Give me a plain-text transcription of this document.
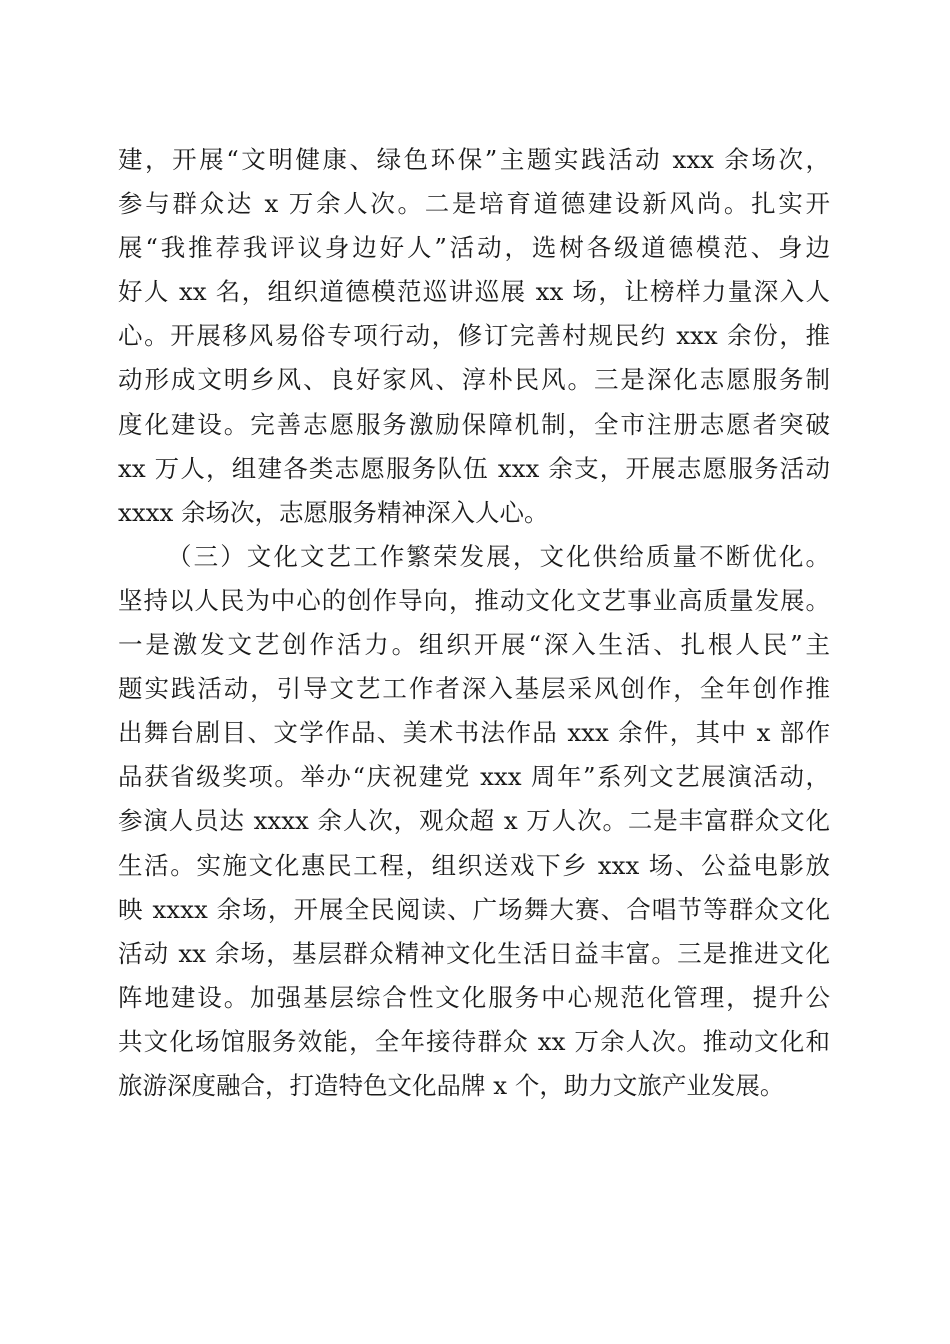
建，开展“文明健康、绿色环保”主题实践活动 xxx 余场次，
参与群众达 x 万余人次。二是培育道德建设新风尚。扎实开
展“我推荐我评议身边好人”活动，选树各级道德模范、身边
好人 xx 名，组织道德模范巡讲巡展 xx 场，让榜样力量深入人
心。开展移风易俗专项行动，修订完善村规民约 xxx 余份，推
动形成文明乡风、良好家风、淳朴民风。三是深化志愿服务制
度化建设。完善志愿服务激励保障机制，全市注册志愿者突破
xx 万人，组建各类志愿服务队伍 xxx 余支，开展志愿服务活动
xxxx 余场次，志愿服务精神深入人心。
（三）文化文艺工作繁荣发展，文化供给质量不断优化。
坚持以人民为中心的创作导向，推动文化文艺事业高质量发展。
一是激发文艺创作活力。组织开展“深入生活、扎根人民”主
题实践活动，引导文艺工作者深入基层采风创作，全年创作推
出舞台剧目、文学作品、美术书法作品 xxx 余件，其中 x 部作
品获省级奖项。举办“庆祝建党 xxx 周年”系列文艺展演活动，
参演人员达 xxxx 余人次，观众超 x 万人次。二是丰富群众文化
生活。实施文化惠民工程，组织送戏下乡 xxx 场、公益电影放
映 xxxx 余场，开展全民阅读、广场舞大赛、合唱节等群众文化
活动 xx 余场，基层群众精神文化生活日益丰富。三是推进文化
阵地建设。加强基层综合性文化服务中心规范化管理，提升公
共文化场馆服务效能，全年接待群众 xx 万余人次。推动文化和
旅游深度融合，打造特色文化品牌 x 个，助力文旅产业发展。
